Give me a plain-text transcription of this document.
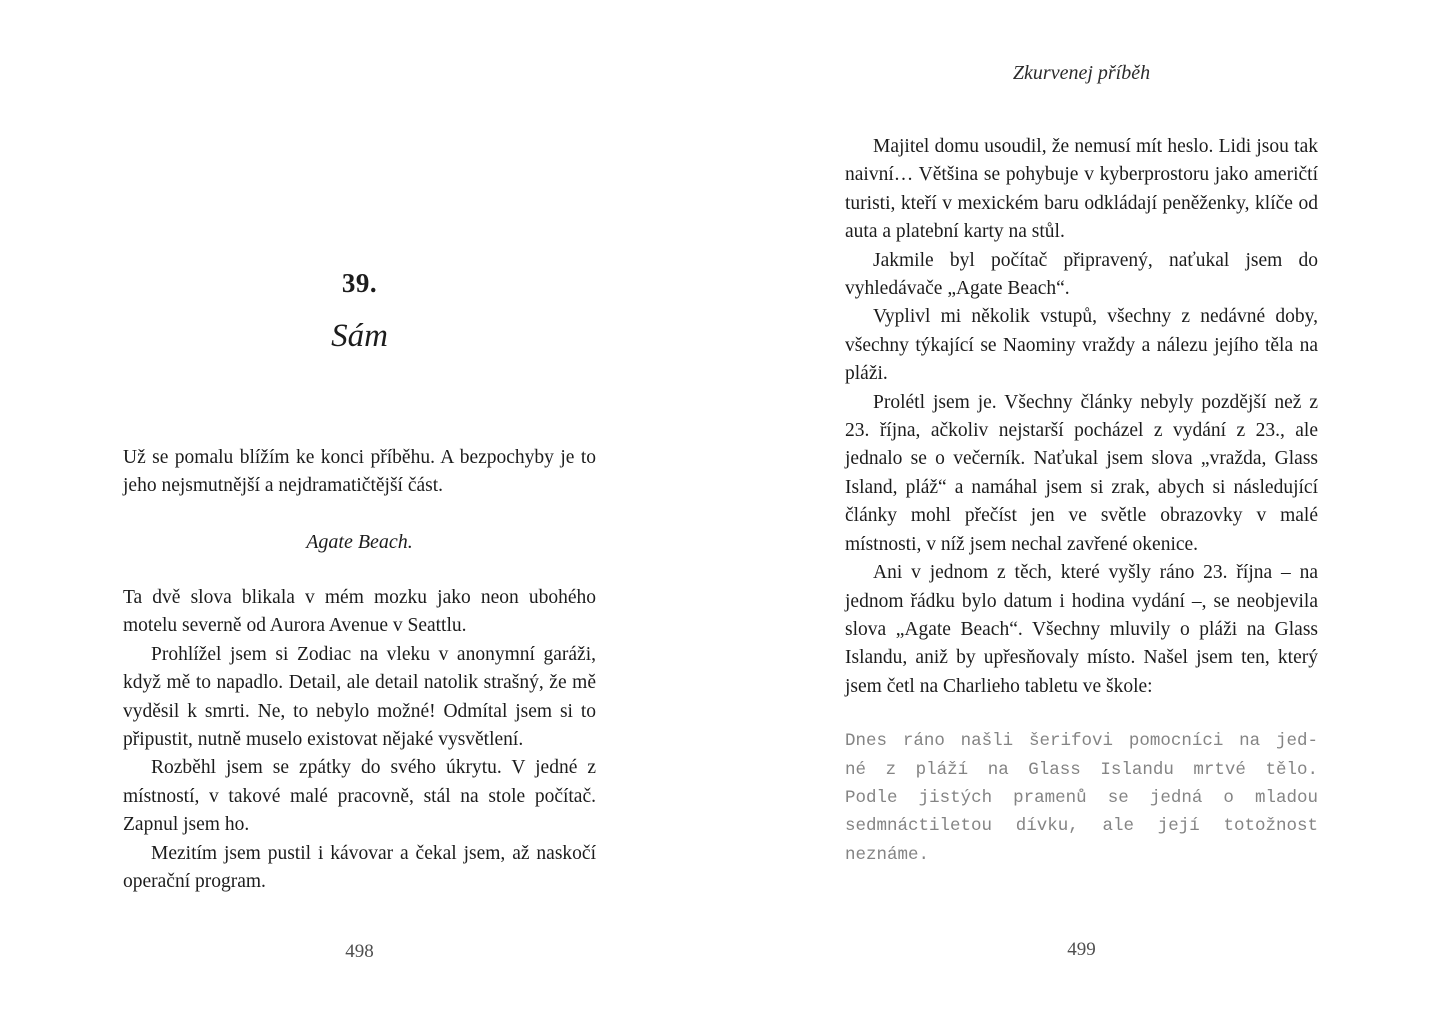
39.
Sám

Už se pomalu blížím ke konci příběhu. A bezpochyby je to jeho nejsmutnější a nejdramatičtější část.

Agate Beach.

Ta dvě slova blikala v mém mozku jako neon ubohého motelu severně od Aurora Avenue v Seattlu.

Prohlížel jsem si Zodiac na vleku v anonymní garáži, když mě to napadlo. Detail, ale detail natolik strašný, že mě vyděsil k smrti. Ne, to nebylo možné! Odmítal jsem si to připustit, nutně muselo existovat nějaké vysvětlení.

Rozběhl jsem se zpátky do svého úkrytu. V jedné z místností, v takové malé pracovně, stál na stole počítač. Zapnul jsem ho.

Mezitím jsem pustil i kávovar a čekal jsem, až naskočí operační program.

498
Zkurvenej příběh

Majitel domu usoudil, že nemusí mít heslo. Lidi jsou tak naivní… Většina se pohybuje v kyberprostoru jako američtí turisti, kteří v mexickém baru odkládají peněženky, klíče od auta a platební karty na stůl.

Jakmile byl počítač připravený, naťukal jsem do vyhledávače „Agate Beach“.

Vyplivl mi několik vstupů, všechny z nedávné doby, všechny týkající se Naominy vraždy a nálezu jejího těla na pláži.

Prolétl jsem je. Všechny články nebyly pozdější než z 23. října, ačkoliv nejstarší pocházel z vydání z 23., ale jednalo se o večerník. Naťukal jsem slova „vražda, Glass Island, pláž“ a namáhal jsem si zrak, abych si následující články mohl přečíst jen ve světle obrazovky v malé místnosti, v níž jsem nechal zavřené okenice.

Ani v jednom z těch, které vyšly ráno 23. října – na jednom řádku bylo datum i hodina vydání –, se neobjevila slova „Agate Beach“. Všechny mluvily o pláži na Glass Islandu, aniž by upřesňovaly místo. Našel jsem ten, který jsem četl na Charlieho tabletu ve škole:

Dnes ráno našli šerifovi pomocníci na jed-
né z pláží na Glass Islandu mrtvé tělo.
Podle jistých pramenů se jedná o mladou
sedmnáctiletou dívku, ale její totožnost
neznáme.
499
